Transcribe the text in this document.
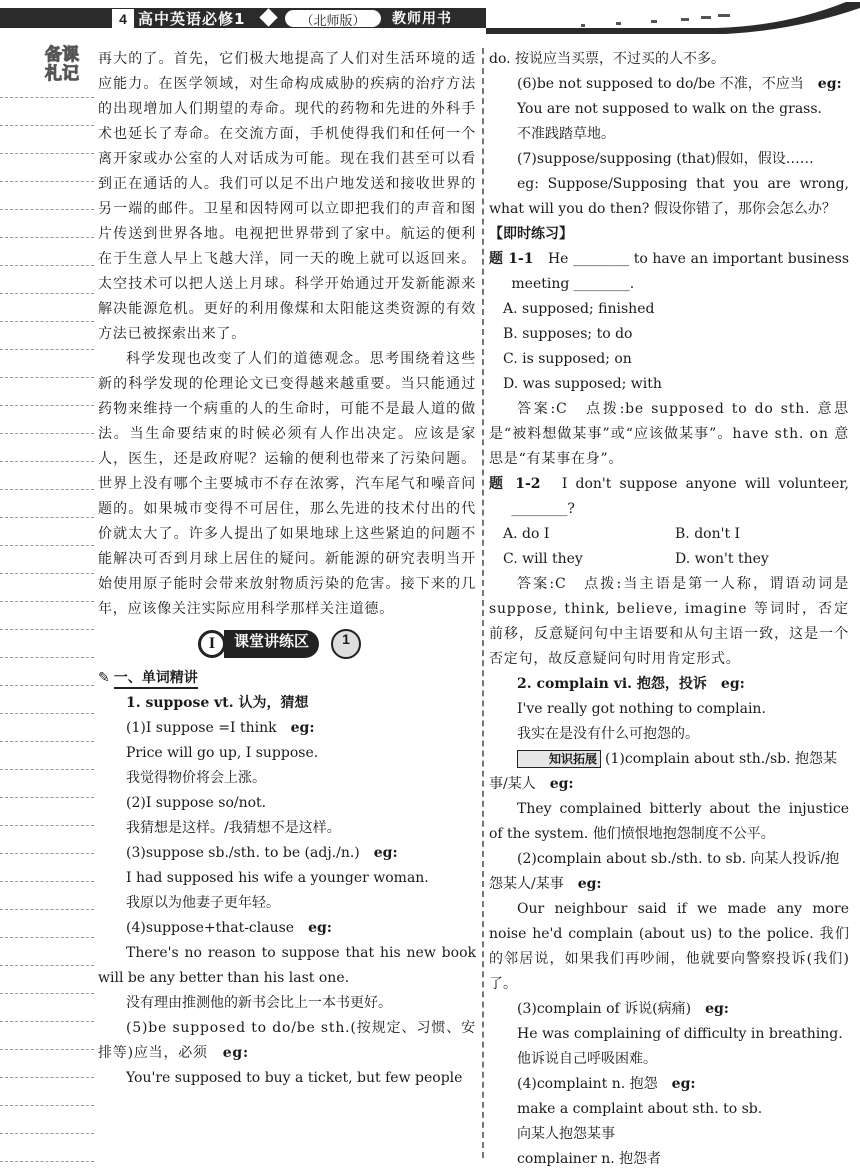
4 高中英语必修1	（北师版）	教师用书
备课
札记

再大的了。首先，它们极大地提高了人们对生活环境的适应能力。在医学领域，对生命构成威胁的疾病的治疗方法的出现增加人们期望的寿命。现代的药物和先进的外科手术也延长了寿命。在交流方面，手机使得我们和任何一个离开家或办公室的人对话成为可能。现在我们甚至可以看到正在通话的人。我们可以足不出户地发送和接收世界的另一端的邮件。卫星和因特网可以立即把我们的声音和图片传送到世界各地。电视把世界带到了家中。航运的便利在于生意人早上飞越大洋，同一天的晚上就可以返回来。太空技术可以把人送上月球。科学开始通过开发新能源来解决能源危机。更好的利用像煤和太阳能这类资源的有效方法已被探索出来了。

科学发现也改变了人们的道德观念。思考围绕着这些新的科学发现的伦理论文已变得越来越重要。当只能通过药物来维持一个病重的人的生命时，可能不是最人道的做法。当生命要结束的时候必须有人作出决定。应该是家人，医生，还是政府呢？运输的便利也带来了污染问题。世界上没有哪个主要城市不存在浓雾，汽车尾气和噪音问题的。如果城市变得不可居住，那么先进的技术付出的代价就太大了。许多人提出了如果地球上这些紧迫的问题不能解决可否到月球上居住的疑问。新能源的研究表明当开始使用原子能时会带来放射物质污染的危害。接下来的几年，应该像关注实际应用科学那样关注道德。

I	课堂讲练区	1
✎ 一、单词精讲

1. suppose vt. 认为，猜想

(1)I suppose =I think　 eg:

Price will go up, I suppose.

我觉得物价将会上涨。

(2)I suppose so/not.

我猜想是这样。/我猜想不是这样。

(3)suppose sb./sth. to be (adj./n.)　 eg:

I had supposed his wife a younger woman.

我原以为他妻子更年轻。

(4)suppose+that-clause　 eg:

There's no reason to suppose that his new book will be any better than his last one.

没有理由推测他的新书会比上一本书更好。

(5)be supposed to do/be sth.(按规定、习惯、安排等)应当，必须　 eg:

You're supposed to buy a ticket, but few people

do. 按说应当买票，不过买的人不多。

(6)be not supposed to do/be 不准，不应当　 eg:

You are not supposed to walk on the grass.

不准践踏草地。

(7)suppose/supposing (that)假如，假设……

eg: Suppose/Supposing that you are wrong, what will you do then? 假设你错了，那你会怎么办？

【即时练习】

题 1-1　 He ________ to have an important business meeting ________.

A. supposed; finished

B. supposes; to do

C. is supposed; on

D. was supposed; with

答案:C　点拨:be supposed to do sth. 意思是“被料想做某事”或“应该做某事”。have sth. on 意思是“有某事在身”。

题 1-2　 I don't suppose anyone will volunteer, ________?

A. do I	B. don't I
C. will they	D. won't they

答案:C　点拨:当主语是第一人称，谓语动词是suppose, think, believe, imagine 等词时，否定前移，反意疑问句中主语要和从句主语一致，这是一个否定句，故反意疑问句时用肯定形式。

2. complain vi. 抱怨，投诉　 eg:

I've really got nothing to complain.

我实在是没有什么可抱怨的。

知识拓展 (1)complain about sth./sb. 抱怨某事/某人　 eg:

They complained bitterly about the injustice of the system. 他们愤恨地抱怨制度不公平。

(2)complain about sb./sth. to sb. 向某人投诉/抱怨某人/某事　 eg:

Our neighbour said if we made any more noise he'd complain (about us) to the police. 我们的邻居说，如果我们再吵闹，他就要向警察投诉(我们)了。

(3)complain of 诉说(病痛)　 eg:

He was complaining of difficulty in breathing.

他诉说自己呼吸困难。

(4)complaint n. 抱怨　 eg:

make a complaint about sth. to sb.

向某人抱怨某事

complainer n. 抱怨者
